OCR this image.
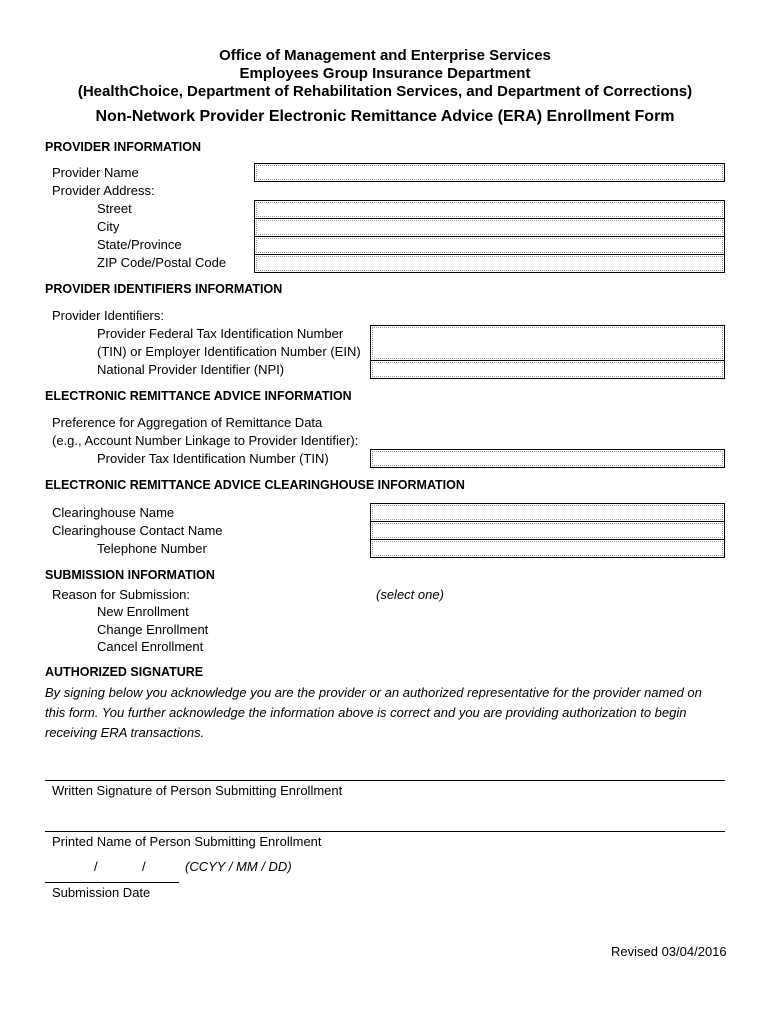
Office of Management and Enterprise Services
Employees Group Insurance Department
(HealthChoice, Department of Rehabilitation Services, and Department of Corrections)
Non-Network Provider Electronic Remittance Advice (ERA) Enrollment Form
PROVIDER INFORMATION
Provider Name
Provider Address:
Street
City
State/Province
ZIP Code/Postal Code
PROVIDER IDENTIFIERS INFORMATION
Provider Identifiers:
Provider Federal Tax Identification Number
(TIN) or Employer Identification Number (EIN)
National Provider Identifier (NPI)
ELECTRONIC REMITTANCE ADVICE INFORMATION
Preference for Aggregation of Remittance Data
(e.g., Account Number Linkage to Provider Identifier):
Provider Tax Identification Number (TIN)
ELECTRONIC REMITTANCE ADVICE CLEARINGHOUSE INFORMATION
Clearinghouse Name
Clearinghouse Contact Name
Telephone Number
SUBMISSION INFORMATION
Reason for Submission:	(select one)
New Enrollment
Change Enrollment
Cancel Enrollment
AUTHORIZED SIGNATURE
By signing below you acknowledge you are the provider or an authorized representative for the provider named on this form. You further acknowledge the information above is correct and you are providing authorization to begin receiving ERA transactions.
Written Signature of Person Submitting Enrollment
Printed Name of Person Submitting Enrollment
/	/	(CCYY / MM / DD)
Submission Date
Revised 03/04/2016
